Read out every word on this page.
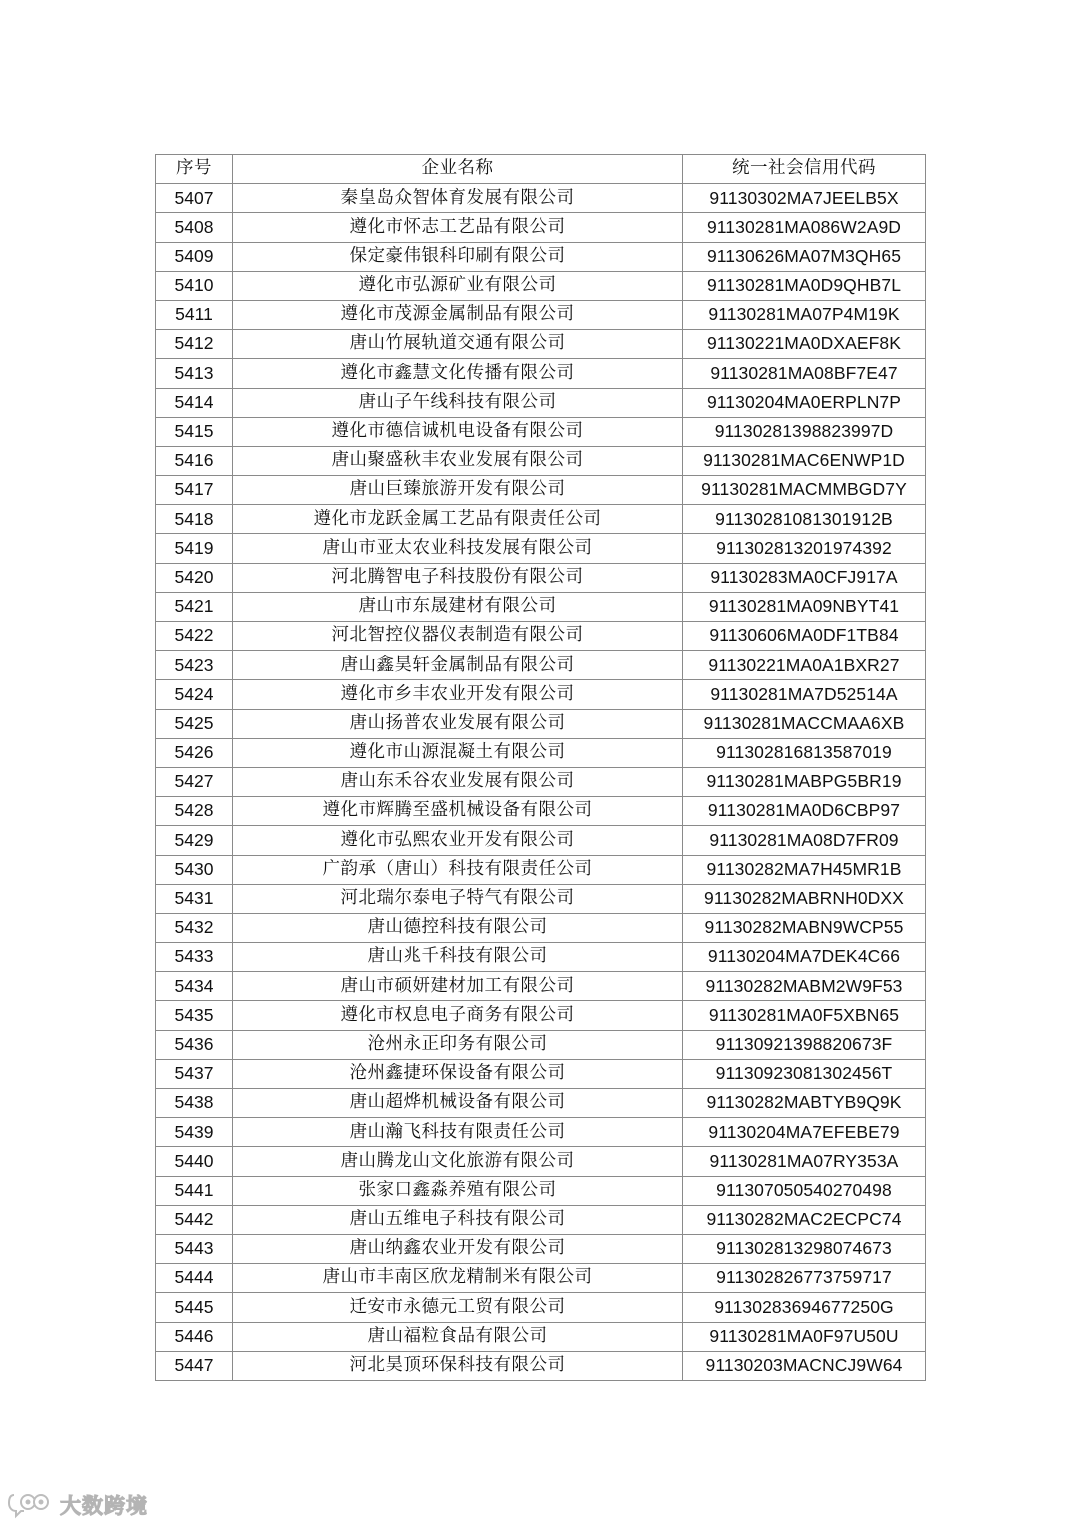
序号	企业名称	统一社会信用代码
5407	秦皇岛众智体育发展有限公司	91130302MA7JEELB5X
5408	遵化市怀志工艺品有限公司	91130281MA086W2A9D
5409	保定豪伟银科印刷有限公司	91130626MA07M3QH65
5410	遵化市弘源矿业有限公司	91130281MA0D9QHB7L
5411	遵化市茂源金属制品有限公司	91130281MA07P4M19K
5412	唐山竹展轨道交通有限公司	91130221MA0DXAEF8K
5413	遵化市鑫慧文化传播有限公司	91130281MA08BF7E47
5414	唐山子午线科技有限公司	91130204MA0ERPLN7P
5415	遵化市德信诚机电设备有限公司	91130281398823997D
5416	唐山聚盛秋丰农业发展有限公司	91130281MAC6ENWP1D
5417	唐山巨臻旅游开发有限公司	91130281MACMMBGD7Y
5418	遵化市龙跃金属工艺品有限责任公司	91130281081301912B
5419	唐山市亚太农业科技发展有限公司	911302813201974392
5420	河北腾智电子科技股份有限公司	91130283MA0CFJ917A
5421	唐山市东晟建材有限公司	91130281MA09NBYT41
5422	河北智控仪器仪表制造有限公司	91130606MA0DF1TB84
5423	唐山鑫昊轩金属制品有限公司	91130221MA0A1BXR27
5424	遵化市乡丰农业开发有限公司	91130281MA7D52514A
5425	唐山扬普农业发展有限公司	91130281MACCMAA6XB
5426	遵化市山源混凝土有限公司	911302816813587019
5427	唐山东禾谷农业发展有限公司	91130281MABPG5BR19
5428	遵化市辉腾至盛机械设备有限公司	91130281MA0D6CBP97
5429	遵化市弘熙农业开发有限公司	91130281MA08D7FR09
5430	广韵承（唐山）科技有限责任公司	91130282MA7H45MR1B
5431	河北瑞尔泰电子特气有限公司	91130282MABRNH0DXX
5432	唐山德控科技有限公司	91130282MABN9WCP55
5433	唐山兆千科技有限公司	91130204MA7DEK4C66
5434	唐山市硕妍建材加工有限公司	91130282MABM2W9F53
5435	遵化市权息电子商务有限公司	91130281MA0F5XBN65
5436	沧州永正印务有限公司	91130921398820673F
5437	沧州鑫捷环保设备有限公司	91130923081302456T
5438	唐山超烨机械设备有限公司	91130282MABTYB9Q9K
5439	唐山瀚飞科技有限责任公司	91130204MA7EFEBE79
5440	唐山腾龙山文化旅游有限公司	91130281MA07RY353A
5441	张家口鑫淼养殖有限公司	911307050540270498
5442	唐山五维电子科技有限公司	91130282MAC2ECPC74
5443	唐山纳鑫农业开发有限公司	911302813298074673
5444	唐山市丰南区欣龙精制米有限公司	911302826773759717
5445	迁安市永德元工贸有限公司	91130283694677250G
5446	唐山福粒食品有限公司	91130281MA0F97U50U
5447	河北昊顶环保科技有限公司	91130203MACNCJ9W64
大数跨境
